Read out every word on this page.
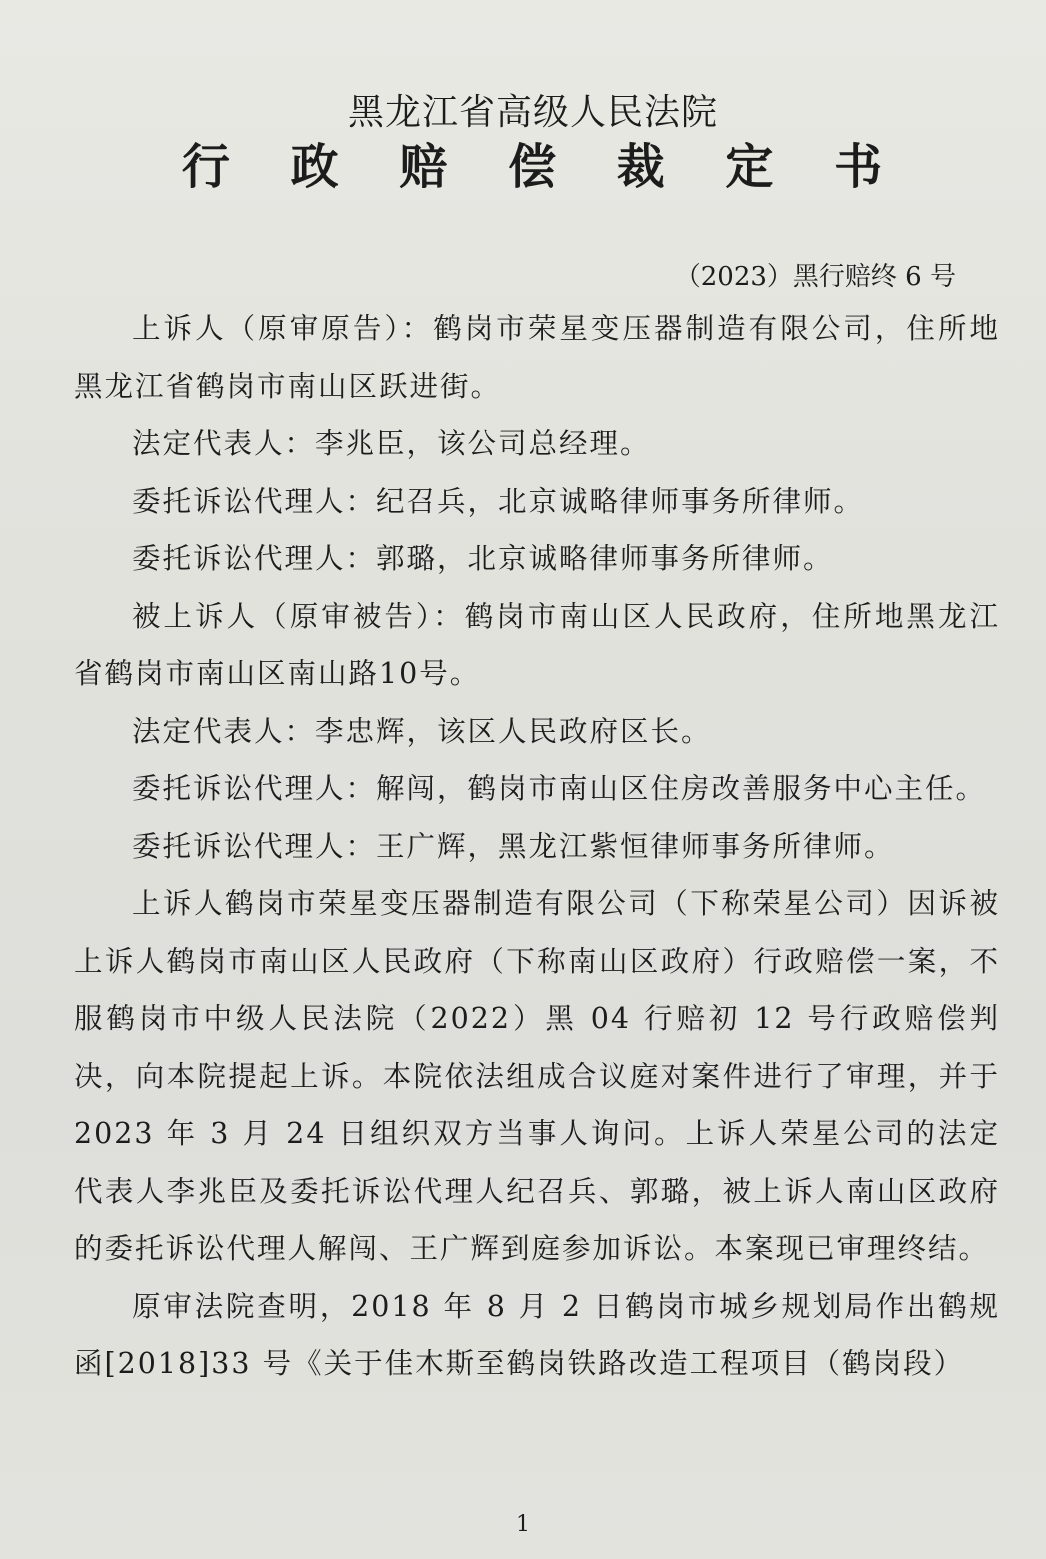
黑龙江省高级人民法院
行 政 赔 偿 裁 定 书
（2023）黑行赔终 6 号

上诉人（原审原告）：鹤岗市荣星变压器制造有限公司，住所地黑龙江省鹤岗市南山区跃进街。

法定代表人：李兆臣，该公司总经理。

委托诉讼代理人：纪召兵，北京诚略律师事务所律师。

委托诉讼代理人：郭璐，北京诚略律师事务所律师。

被上诉人（原审被告）：鹤岗市南山区人民政府，住所地黑龙江省鹤岗市南山区南山路10号。

法定代表人：李忠辉，该区人民政府区长。

委托诉讼代理人：解闯，鹤岗市南山区住房改善服务中心主任。

委托诉讼代理人：王广辉，黑龙江紫恒律师事务所律师。

上诉人鹤岗市荣星变压器制造有限公司（下称荣星公司）因诉被上诉人鹤岗市南山区人民政府（下称南山区政府）行政赔偿一案，不服鹤岗市中级人民法院（2022）黑 04 行赔初 12 号行政赔偿判决，向本院提起上诉。本院依法组成合议庭对案件进行了审理，并于 2023 年 3 月 24 日组织双方当事人询问。上诉人荣星公司的法定代表人李兆臣及委托诉讼代理人纪召兵、郭璐，被上诉人南山区政府的委托诉讼代理人解闯、王广辉到庭参加诉讼。本案现已审理终结。

原审法院查明，2018 年 8 月 2 日鹤岗市城乡规划局作出鹤规函[2018]33 号《关于佳木斯至鹤岗铁路改造工程项目（鹤岗段）

1
